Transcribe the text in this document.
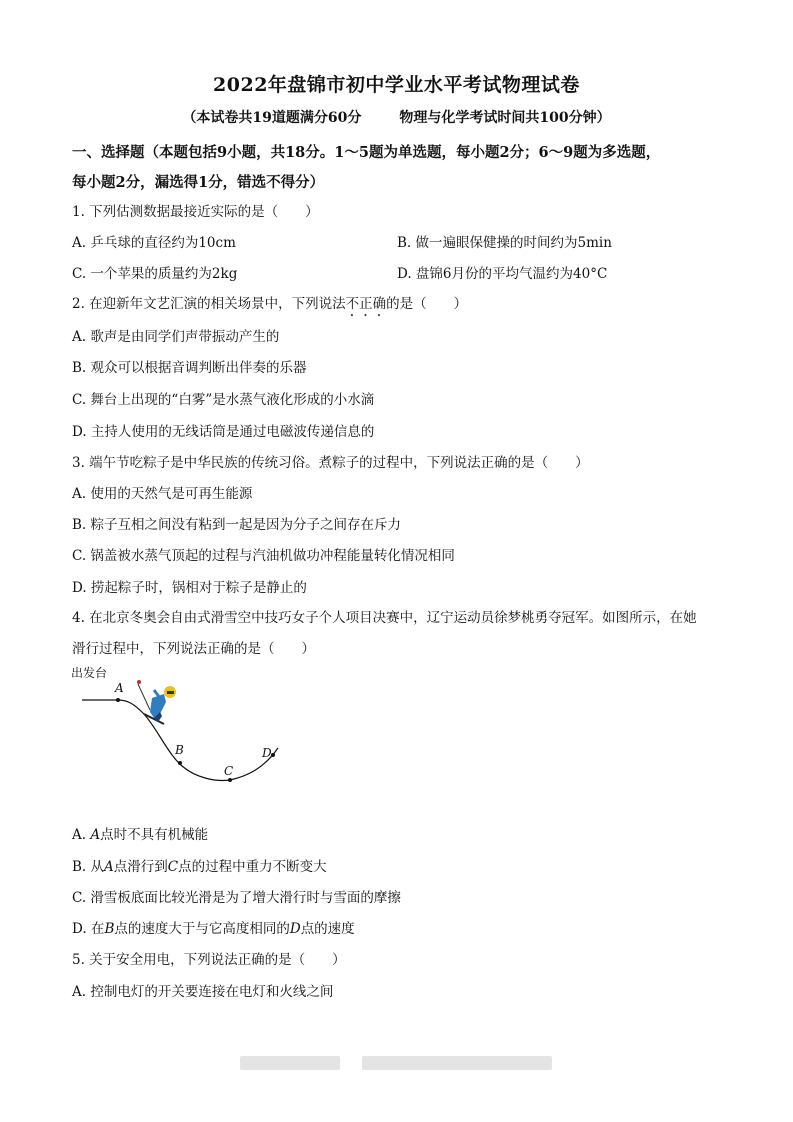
2022年盘锦市初中学业水平考试物理试卷
（本试卷共19道题满分60分	物理与化学考试时间共100分钟）
一、选择题（本题包括9小题，共18分。1～5题为单选题，每小题2分；6～9题为多选题，
每小题2分，漏选得1分，错选不得分）
1. 下列估测数据最接近实际的是（　　）
A. 乒乓球的直径约为10cm	B. 做一遍眼保健操的时间约为5min
C. 一个苹果的质量约为2kg	D. 盘锦6月份的平均气温约为40°C
2. 在迎新年文艺汇演的相关场景中，下列说法不正确的是（　　）
A. 歌声是由同学们声带振动产生的
B. 观众可以根据音调判断出伴奏的乐器
C. 舞台上出现的“白雾”是水蒸气液化形成的小水滴
D. 主持人使用的无线话筒是通过电磁波传递信息的
3. 端午节吃粽子是中华民族的传统习俗。煮粽子的过程中，下列说法正确的是（　　）
A. 使用的天然气是可再生能源
B. 粽子互相之间没有粘到一起是因为分子之间存在斥力
C. 锅盖被水蒸气顶起的过程与汽油机做功冲程能量转化情况相同
D. 捞起粽子时，锅相对于粽子是静止的
4. 在北京冬奥会自由式滑雪空中技巧女子个人项目决赛中，辽宁运动员徐梦桃勇夺冠军。如图所示，在她
滑行过程中，下列说法正确的是（　　）
出发台
A
B
C
D
A. A点时不具有机械能
B. 从A点滑行到C点的过程中重力不断变大
C. 滑雪板底面比较光滑是为了增大滑行时与雪面的摩擦
D. 在B点的速度大于与它高度相同的D点的速度
5. 关于安全用电，下列说法正确的是（　　）
A. 控制电灯的开关要连接在电灯和火线之间
